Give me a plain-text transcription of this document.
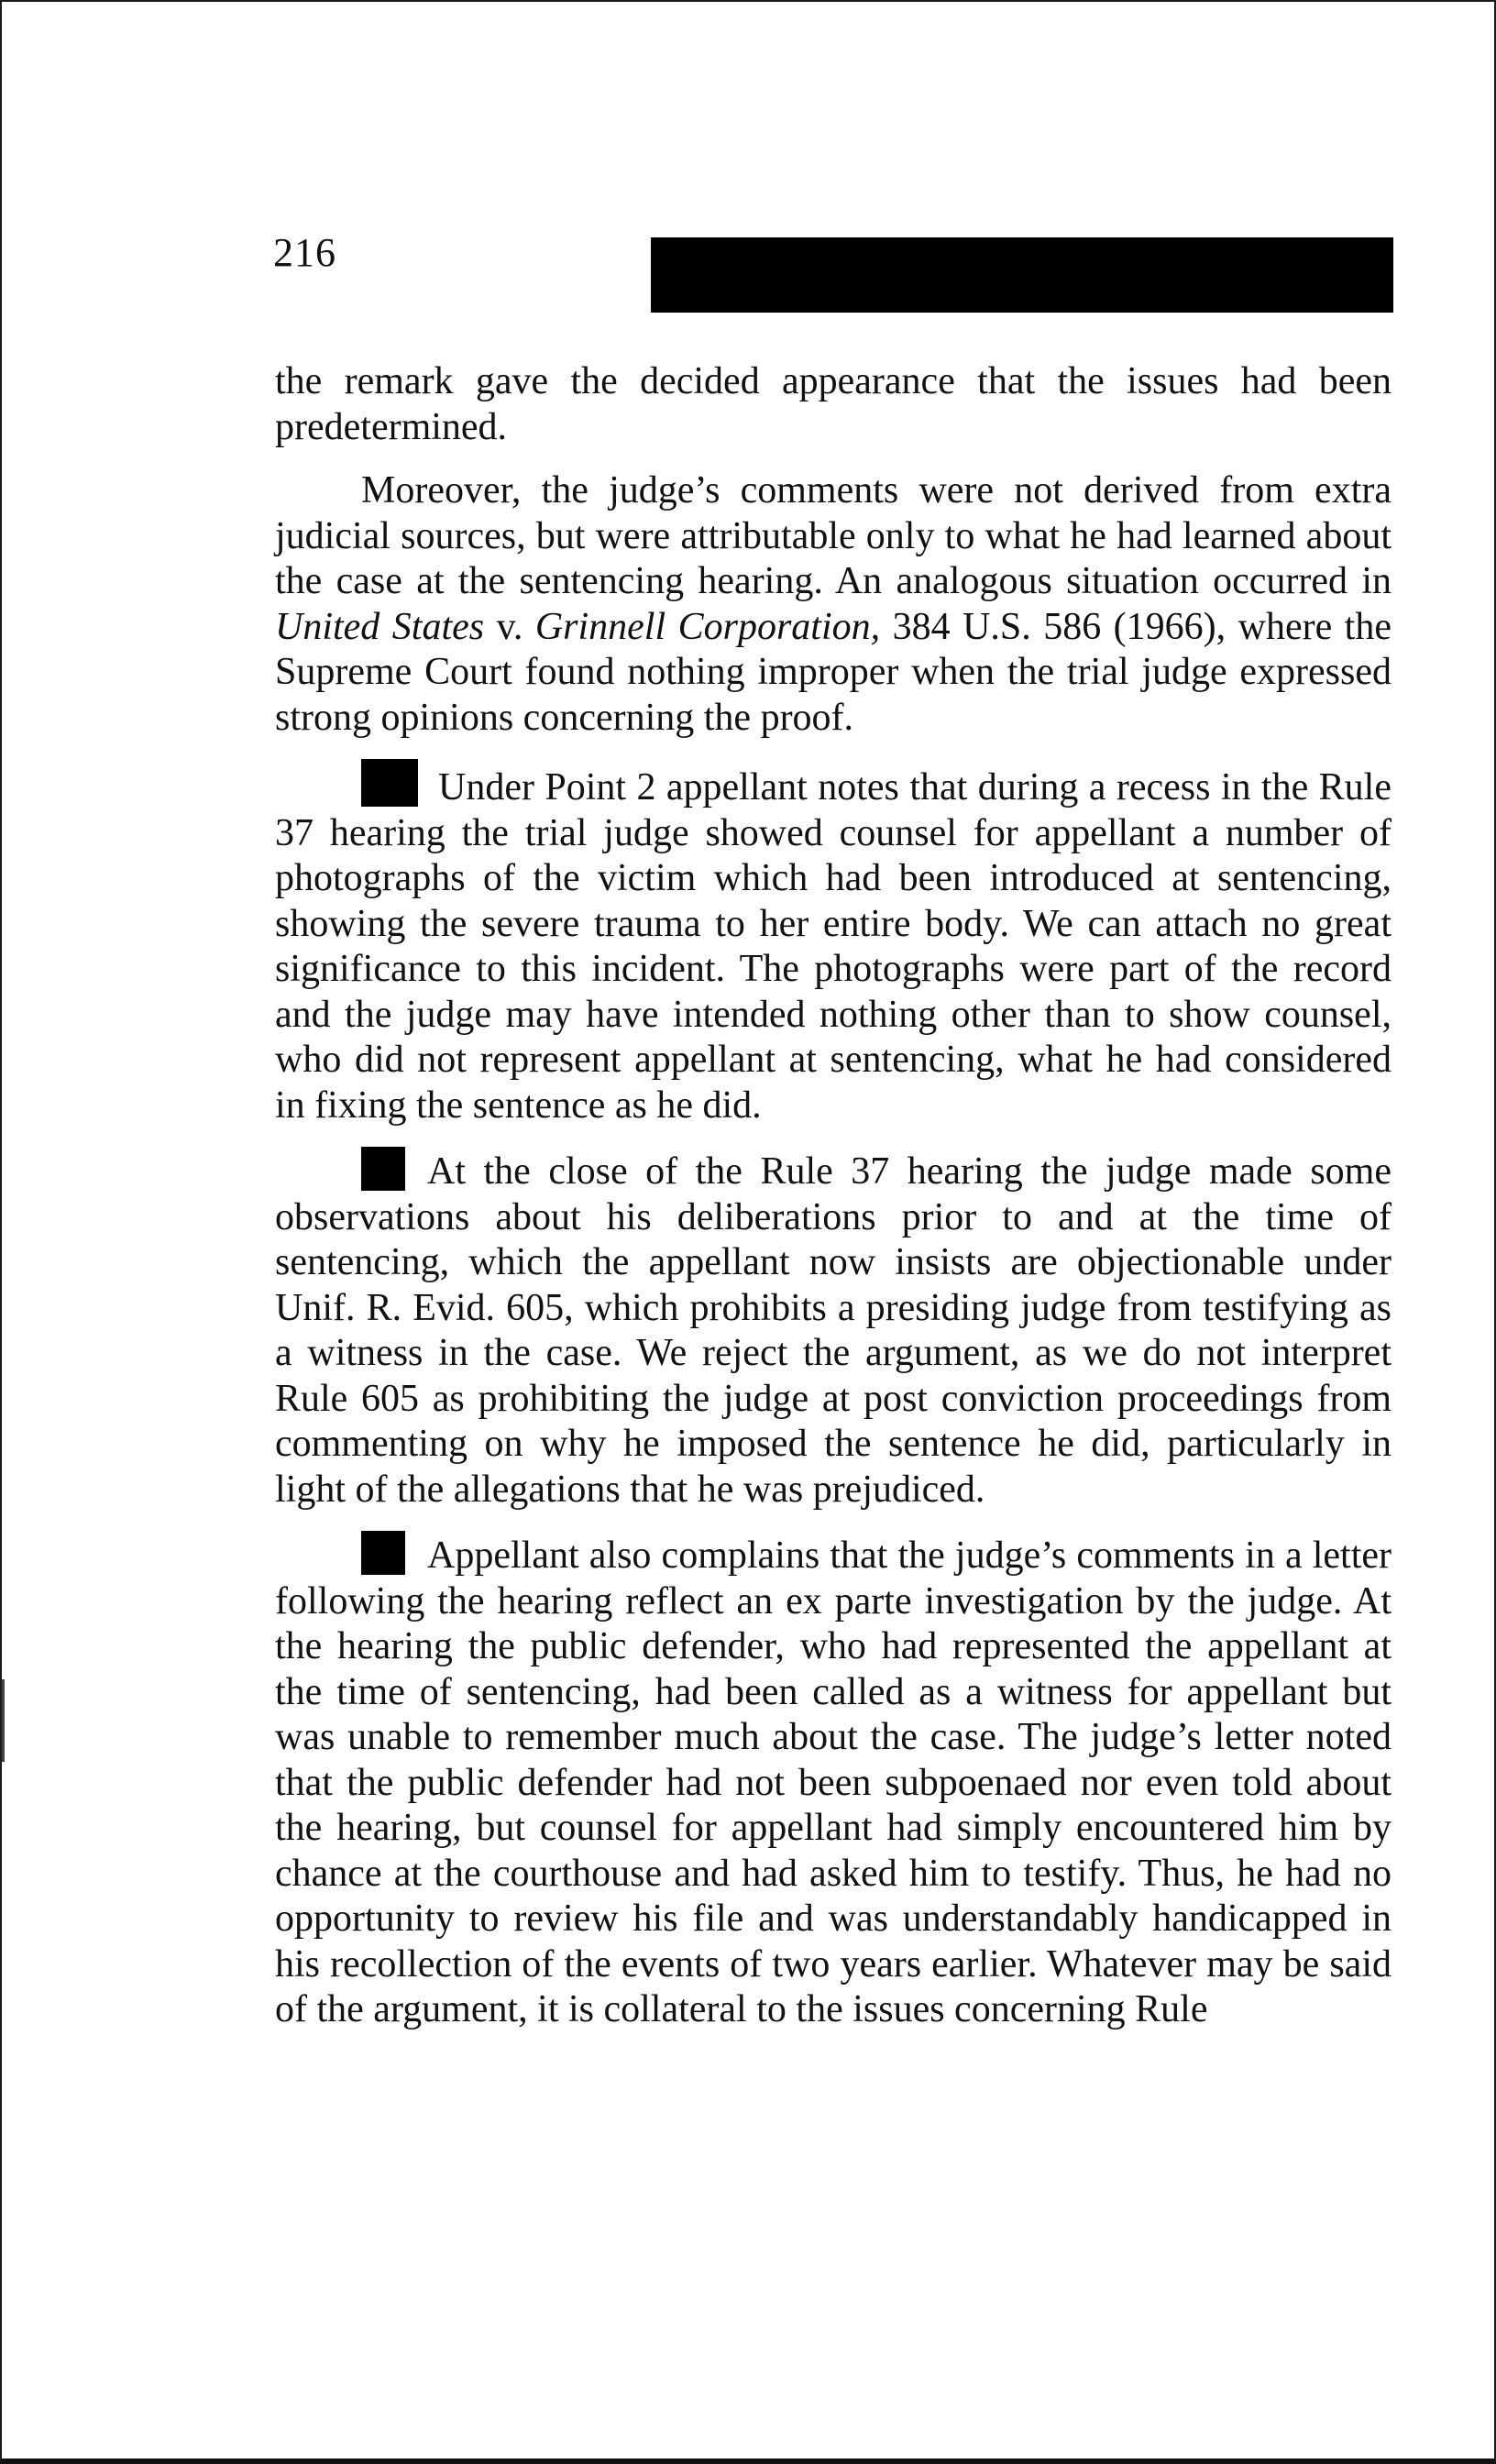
216

the remark gave the decided appearance that the issues had been predetermined.

Moreover, the judge’s comments were not derived from extra judicial sources, but were attributable only to what he had learned about the case at the sentencing hearing. An analogous situation occurred in United States v. Grinnell Corporation, 384 U.S. 586 (1966), where the Supreme Court found nothing improper when the trial judge expressed strong opinions concerning the proof.

Under Point 2 appellant notes that during a recess in the Rule 37 hearing the trial judge showed counsel for appellant a number of photographs of the victim which had been introduced at sentencing, showing the severe trauma to her entire body. We can attach no great significance to this incident. The photographs were part of the record and the judge may have intended nothing other than to show counsel, who did not represent appellant at sentencing, what he had considered in fixing the sentence as he did.

At the close of the Rule 37 hearing the judge made some observations about his deliberations prior to and at the time of sentencing, which the appellant now insists are objectionable under Unif. R. Evid. 605, which prohibits a presiding judge from testifying as a witness in the case. We reject the argument, as we do not interpret Rule 605 as prohibiting the judge at post conviction proceedings from commenting on why he imposed the sentence he did, particularly in light of the allegations that he was prejudiced.

Appellant also complains that the judge’s comments in a letter following the hearing reflect an ex parte investigation by the judge. At the hearing the public defender, who had represented the appellant at the time of sentencing, had been called as a witness for appellant but was unable to remember much about the case. The judge’s letter noted that the public defender had not been subpoenaed nor even told about the hearing, but counsel for appellant had simply encountered him by chance at the courthouse and had asked him to testify. Thus, he had no opportunity to review his file and was understandably handicapped in his recollection of the events of two years earlier. Whatever may be said of the argument, it is collateral to the issues concerning Rule
